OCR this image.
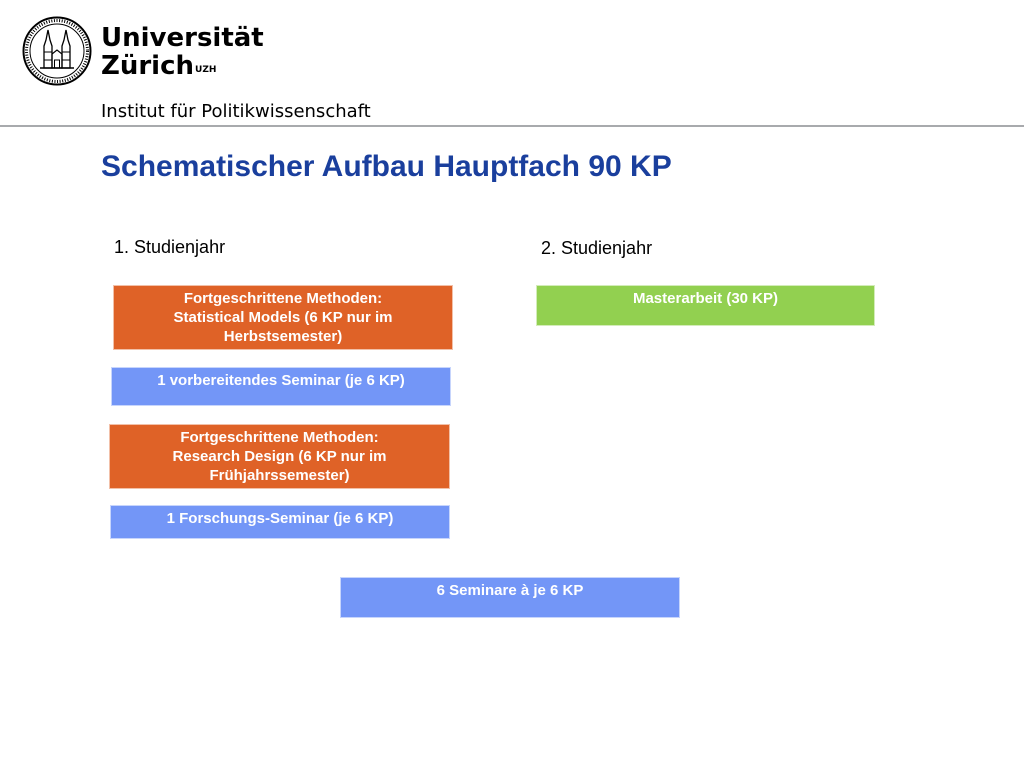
Universität
Zürich$^{UZH}$
Institut für Politikwissenschaft
Schematischer Aufbau Hauptfach 90 KP
1. Studienjahr	2. Studienjahr
Fortgeschrittene Methoden:
Statistical Models (6 KP nur im
Herbstsemester)
1 vorbereitendes Seminar (je 6 KP)
Fortgeschrittene Methoden:
Research Design (6 KP nur im
Frühjahrssemester)
1 Forschungs-Seminar (je 6 KP)
Masterarbeit (30 KP)
6 Seminare à je 6 KP
